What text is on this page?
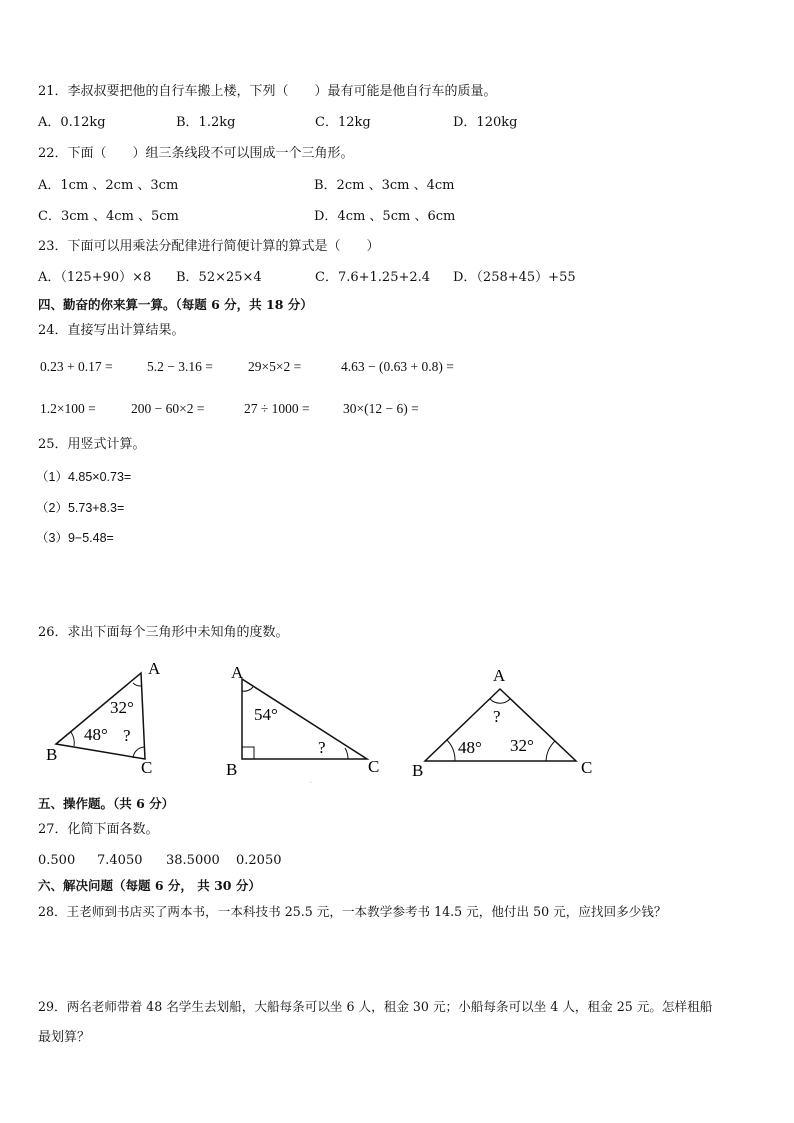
21．李叔叔要把他的自行车搬上楼，下列（　　）最有可能是他自行车的质量。
A．0.12kg	B．1.2kg	C．12kg	D．120kg
22．下面（　　）组三条线段不可以围成一个三角形。
A．1cm 、2cm 、3cm	B．2cm 、3cm 、4cm
C．3cm 、4cm 、5cm	D．4cm 、5cm 、6cm
23．下面可以用乘法分配律进行简便计算的算式是（　　）
A．（125+90）×8 B．52×25×4	C．7.6+1.25+2.4 D．（258+45）+55
四、勤奋的你来算一算。（每题 6 分，共 18 分）
24．直接写出计算结果。
0.23 + 0.17 =	5.2 − 3.16 =	29×5×2 =	4.63 − (0.63 + 0.8) =
1.2×100 =	200 − 60×2 =	27 ÷ 1000 = 30×(12 − 6) =
25．用竖式计算。
（1）4.85×0.73=
（2）5.73+8.3=
（3）9−5.48=
26．求出下面每个三角形中未知角的度数。
A
B
C
32°
48° ?
A
B	C
54°
?
·
A
B	C
?
48° 32°
五、操作题。（共 6 分）
27．化简下面各数。
0.500 7.4050 38.5000 0.2050
六、解决问题（每题 6 分， 共 30 分）
28．王老师到书店买了两本书，一本科技书 25.5 元，一本教学参考书 14.5 元，他付出 50 元，应找回多少钱？
29．两名老师带着 48 名学生去划船，大船每条可以坐 6 人，租金 30 元；小船每条可以坐 4 人，租金 25 元。怎样租船
最划算？
